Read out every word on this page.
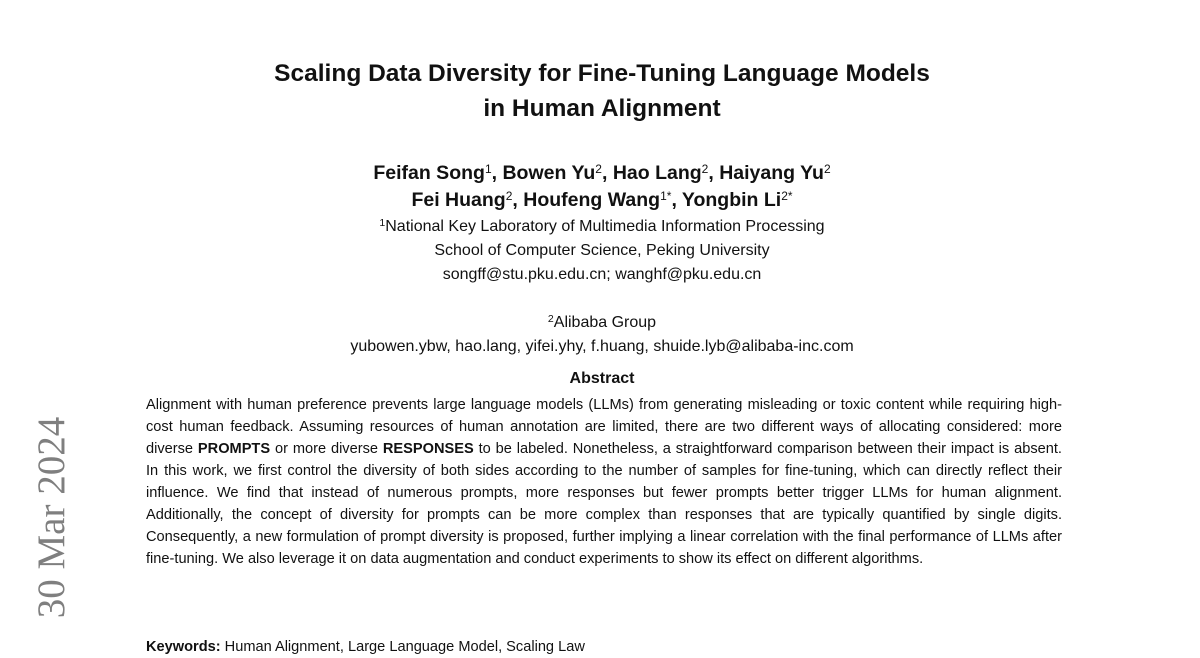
30 Mar 2024
Scaling Data Diversity for Fine-Tuning Language Models
in Human Alignment
Feifan Song$^1$, Bowen Yu$^2$, Hao Lang$^2$, Haiyang Yu$^2$
Fei Huang$^2$, Houfeng Wang$^{1*}$, Yongbin $Li^{2*}$
$^1$National Key Laboratory of Multimedia Information Processing
School of Computer Science, Peking University
songff@stu.pku.edu.cn; wanghf@pku.edu.cn
$^2$Alibaba Group
yubowen.ybw, hao.lang, yifei.yhy, f.huang, shuide.lyb@alibaba-inc.com
Abstract

Alignment with human preference prevents large language models (LLMs) from generating misleading or toxic content while requiring high-cost human feedback. Assuming resources of human annotation are limited, there are two different ways of allocating considered: more diverse PROMPTS or more diverse RESPONSES to be labeled. Nonetheless, a straightforward comparison between their impact is absent. In this work, we first control the diversity of both sides according to the number of samples for fine-tuning, which can directly reflect their influence. We find that instead of numerous prompts, more responses but fewer prompts better trigger LLMs for human alignment. Additionally, the concept of diversity for prompts can be more complex than responses that are typically quantified by single digits. Consequently, a new formulation of prompt diversity is proposed, further implying a linear correlation with the final performance of LLMs after fine-tuning. We also leverage it on data augmentation and conduct experiments to show its effect on different algorithms.

Keywords: Human Alignment, Large Language Model, Scaling Law
